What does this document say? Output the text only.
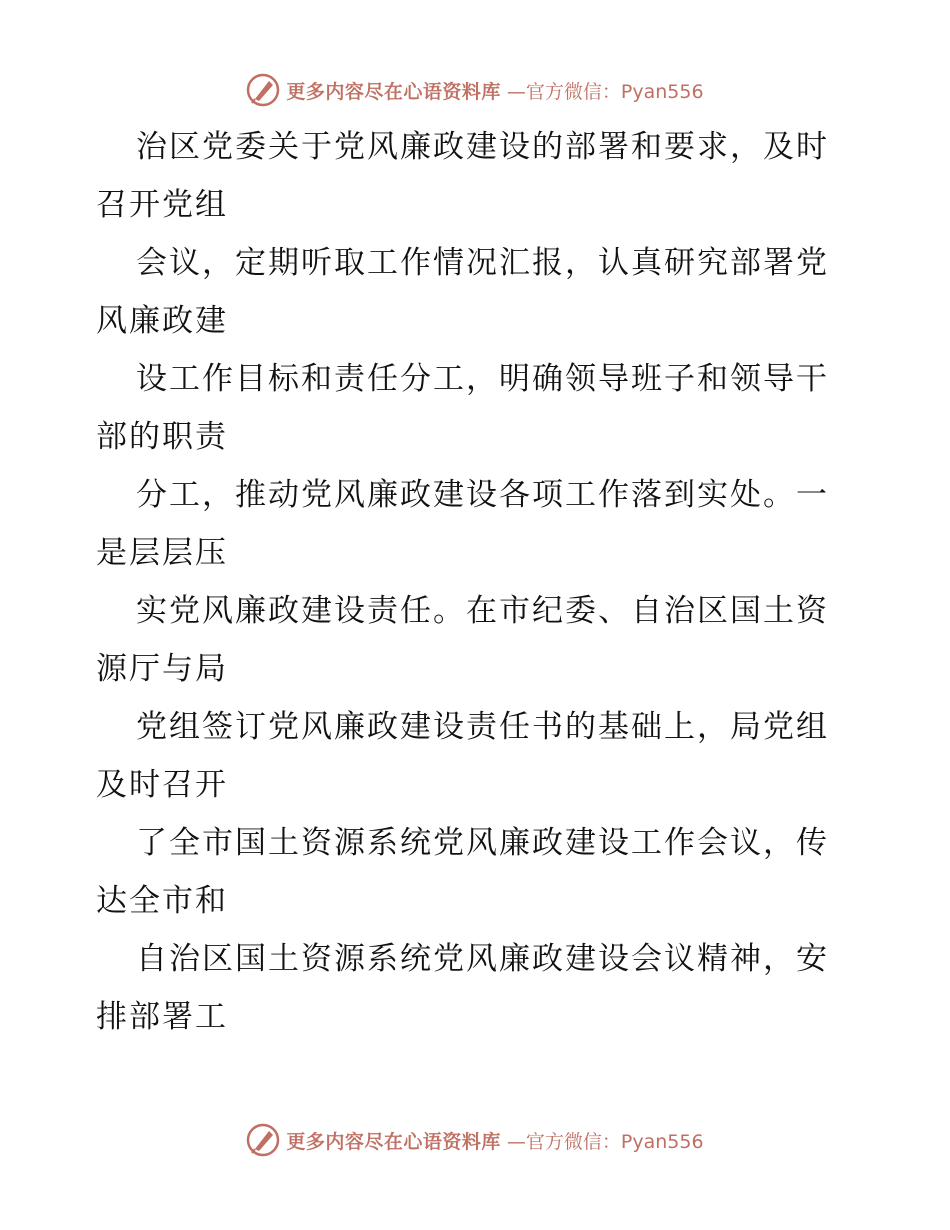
更多内容尽在心语资料库 —官方微信：Pyan556

治区党委关于党风廉政建设的部署和要求，及时召开党组

会议，定期听取工作情况汇报，认真研究部署党风廉政建

设工作目标和责任分工，明确领导班子和领导干部的职责

分工，推动党风廉政建设各项工作落到实处。一是层层压

实党风廉政建设责任。在市纪委、自治区国土资源厅与局

党组签订党风廉政建设责任书的基础上，局党组及时召开

了全市国土资源系统党风廉政建设工作会议，传达全市和

自治区国土资源系统党风廉政建设会议精神，安排部署工

更多内容尽在心语资料库 —官方微信：Pyan556
